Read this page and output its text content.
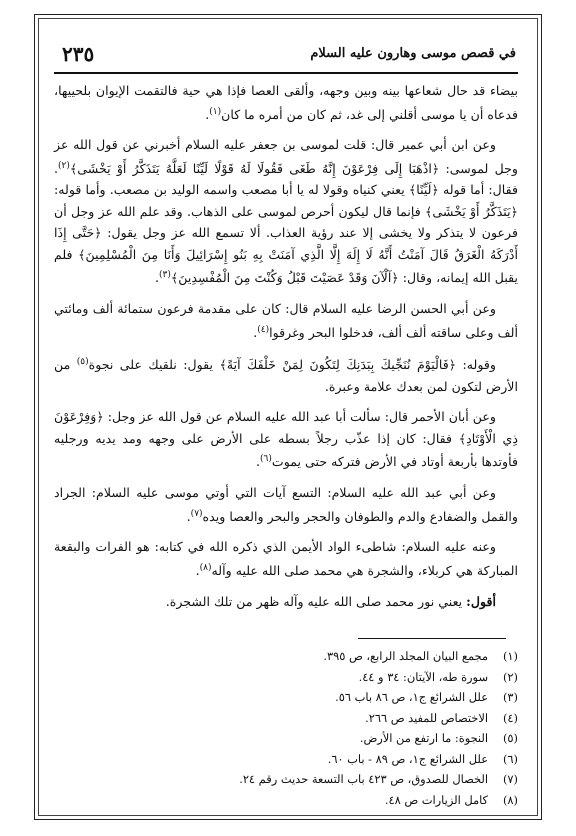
٢٣٥	في قصص موسى وهارون عليه السلام

بيضاء قد حال شعاعها بينه وبين وجهه، وألقى العصا فإذا هي حية فالتقمت الإيوان بلحييها، فدعاه أن يا موسى أقلني إلى غد، ثم كان من أمره ما كان$^{(١)}$.

وعن ابن أبي عمير قال: قلت لموسى بن جعفر عليه السلام أخبرني عن قول الله عز وجل لموسى: ﴿اذْهَبَا إِلَى فِرْعَوْنَ إِنَّهُ طَغَى فَقُولَا لَهُ قَوْلًا لَيِّنًا لَعَلَّهُ يَتَذَكَّرُ أَوْ يَخْشَى﴾$^{(٢)}$. فقال: أما قوله ﴿لَيِّنًا﴾ يعني كنياه وقولا له يا أبا مصعب واسمه الوليد بن مصعب. وأما قوله: ﴿يَتَذَكَّرُ أَوْ يَخْشَى﴾ فإنما قال ليكون أحرص لموسى على الذهاب. وقد علم الله عز وجل أن فرعون لا يتذكر ولا يخشى إلا عند رؤية العذاب. ألا تسمع الله عز وجل يقول: ﴿حَتَّى إِذَا أَدْرَكَهُ الْغَرَقُ قَالَ آمَنْتُ أَنَّهُ لَا إِلَهَ إِلَّا الَّذِي آمَنَتْ بِهِ بَنُو إِسْرَائِيلَ وَأَنَا مِنَ الْمُسْلِمِينَ﴾ فلم يقبل الله إيمانه، وقال: ﴿آلْآنَ وَقَدْ عَصَيْتَ قَبْلُ وَكُنْتَ مِنَ الْمُفْسِدِينَ﴾$^{(٣)}$.

وعن أبي الحسن الرضا عليه السلام قال: كان على مقدمة فرعون ستمائة ألف ومائتي ألف وعلى ساقته ألف ألف، فدخلوا البحر وغرقوا$^{(٤)}$.

وقوله: ﴿فَالْيَوْمَ نُنَجِّيكَ بِبَدَنِكَ لِتَكُونَ لِمَنْ خَلْفَكَ آيَةً﴾ يقول: نلقيك على نجوة$^{(٥)}$ من الأرض لتكون لمن بعدك علامة وعبرة.

وعن أبان الأحمر قال: سألت أبا عبد الله عليه السلام عن قول الله عز وجل: ﴿وَفِرْعَوْنَ ذِي الْأَوْتَادِ﴾ فقال: كان إذا عذّب رجلاً بسطه على الأرض على وجهه ومد يديه ورجليه فأوتدها بأربعة أوتاد في الأرض فتركه حتى يموت$^{(٦)}$.

وعن أبي عبد الله عليه السلام: التسع آيات التي أوتي موسى عليه السلام: الجراد والقمل والضفادع والدم والطوفان والحجر والبحر والعصا ويده$^{(٧)}$.

وعنه عليه السلام: شاطىء الواد الأيمن الذي ذكره الله في كتابه: هو الفرات والبقعة المباركة هي كربلاء، والشجرة هي محمد صلى الله عليه وآله$^{(٨)}$.

أقول: يعني نور محمد صلى الله عليه وآله ظهر من تلك الشجرة.

(١)
مجمع البيان المجلد الرابع، ص ٣٩٥.
(٢)
سورة طه، الآيتان: ٣٤ و ٤٤.
(٣)
علل الشرائع ج١، ص ٨٦ باب ٥٦.
(٤)
الاختصاص للمفيد ص ٢٦٦.
(٥)
النجوة: ما ارتفع من الأرض.
(٦)
علل الشرائع ج١، ص ٨٩ - باب ٦٠.
(٧)
الخصال للصدوق، ص ٤٢٣ باب التسعة حديث رقم ٢٤.
(٨)
كامل الزيارات ص ٤٨.
